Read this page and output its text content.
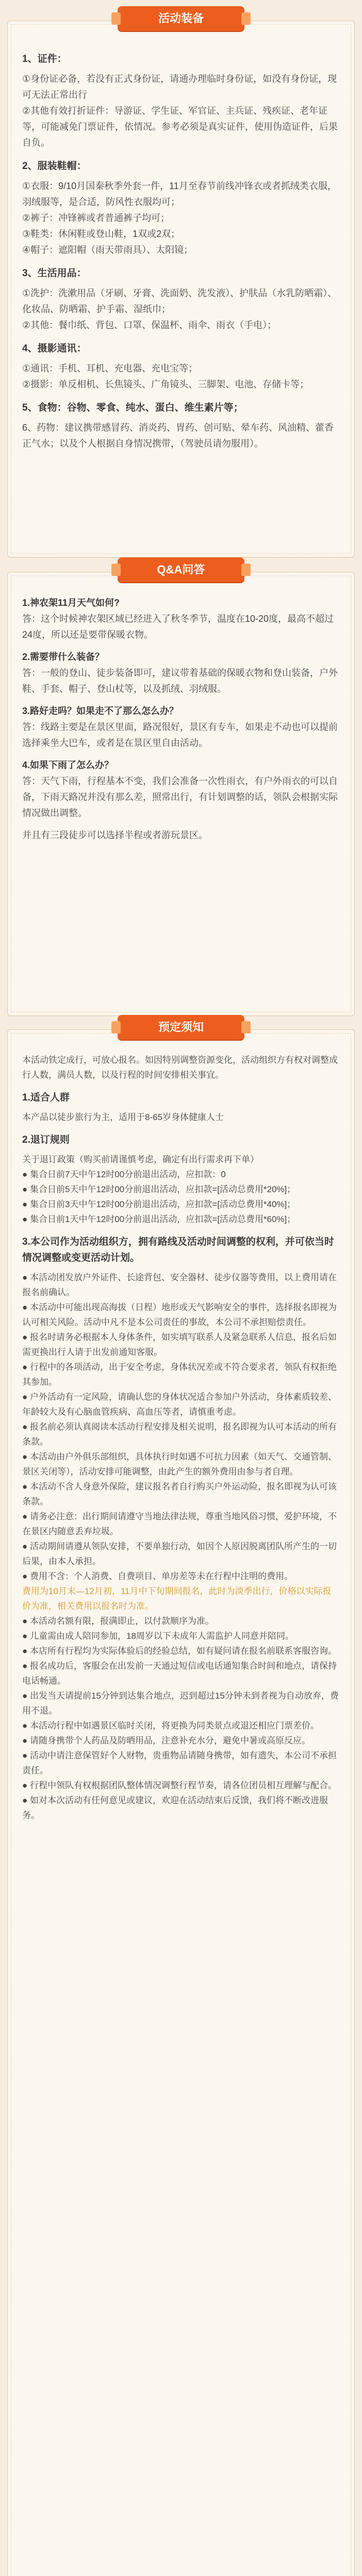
活动装备
1、证件：
①身份证必备，若没有正式身份证，请通办理临时身份证，如没有身份证，现可无法正常出行
②其他有效打折证件：导游证、学生证、军官证、主兵证、残疾证、老年证等，可能减免门票证件，依情况。参考必须是真实证件，使用伪造证件，后果自负。
2、服装鞋帽：
①衣服：9/10月国秦秋季外套一件，11月至春节前线冲锋衣或者抓绒类衣服，羽绒服等，是合适，防风性衣服均可；
②裤子：冲锋裤或者普通裤子均可；
③鞋类：休闲鞋或登山鞋，1双或2双；
④帽子：遮阳帽（雨天带雨具）、太阳镜；
3、生活用品：
①洗护：洗漱用品（牙刷、牙膏、洗面奶、洗发液）、护肤品（水乳防晒霜）、化妆品、防晒霜、护手霜、湿纸巾；
②其他：餐巾纸、背包、口罩、保温杯、雨伞、雨衣（手电）；
4、摄影通讯：
①通讯：手机、耳机、充电器、充电宝等；
②摄影：单反相机、长焦镜头、广角镜头、三脚架、电池、存储卡等；
5、食物：谷物、零食、纯水、蛋白、维生素片等；
6、药物：建议携带感冒药、消炎药、胃药、创可贴、晕车药、风油精、藿香正气水；以及个人根据自身情况携带，（驾驶员请勿服用）。
Q&A问答
1.神农架11月天气如何?
答：这个时候神农架区域已经进入了秋冬季节，温度在10-20度，最高不超过24度，所以还是要带保暖衣物。
2.需要带什么装备？
答：一般的登山、徒步装备即可，建议带着基础的保暖衣物和登山装备，户外鞋、手套、帽子、登山杖等，以及抓绒、羽绒服。
3.路好走吗？如果走不了那么怎么办？
答：线路主要是在景区里面，路况很好，景区有专车，如果走不动也可以提前选择乘坐大巴车，或者是在景区里自由活动。
4.如果下雨了怎么办？
答：天气下雨，行程基本不变，我们会准备一次性雨衣，有户外雨衣的可以自备，下雨天路况并没有那么差，照常出行，有计划调整的话，领队会根据实际情况做出调整。
并且有三段徒步可以选择半程或者游玩景区。
预定须知
本活动铁定成行，可放心报名。如因特别调整资源变化，活动组织方有权对调整成行人数，满员人数，以及行程的时间安排相关事宜。
1.适合人群
本产品以徒步旅行为主，适用于8-65岁身体健康人士
2.退订规则
关于退订政策（购买前请谨慎考虑，确定有出行需求再下单）
● 集合日前7天中午12时00分前退出活动，应扣款：0
● 集合日前5天中午12时00分前退出活动，应扣款=[活动总费用*20%]；
● 集合日前3天中午12时00分前退出活动，应扣款=[活动总费用*40%]；
● 集合日前1天中午12时00分前退出活动，应扣款=[活动总费用*60%]；
3.本公司作为活动组织方，拥有路线及活动时间调整的权利，并可依当时情况调整或变更活动计划。
● 本活动团发放户外证件、长途背包、安全器材、徒步仪器等费用，以上费用请在报名前确认。
● 本活动中可能出现高海拔（日程）地形或天气影响安全的事件，选择报名即视为认可相关风险。活动中凡不是本公司责任的事故，本公司不承担赔偿责任。
● 报名时请务必根据本人身体条件，如实填写联系人及紧急联系人信息，报名后如需更换出行人请于出发前通知客服。
● 行程中的各项活动，出于安全考虑，身体状况差或不符合要求者，领队有权拒绝其参加。
● 户外活动有一定风险，请确认您的身体状况适合参加户外活动，身体素质较差、年龄较大及有心脑血管疾病、高血压等者，请慎重考虑。
● 报名前必须认真阅读本活动行程安排及相关说明，报名即视为认可本活动的所有条款。
● 本活动由户外俱乐部组织，具体执行时如遇不可抗力因素（如天气、交通管制、景区关闭等），活动安排可能调整，由此产生的额外费用由参与者自理。
● 本活动不含人身意外保险，建议报名者自行购买户外运动险，报名即视为认可该条款。
● 请务必注意：出行期间请遵守当地法律法规，尊重当地风俗习惯，爱护环境，不在景区内随意丢弃垃圾。
● 活动期间请遵从领队安排，不要单独行动，如因个人原因脱离团队所产生的一切后果，由本人承担。
● 费用不含：个人消费、自费项目、单房差等未在行程中注明的费用。
费用为10月末—12月初，11月中下旬期间报名，此时为淡季出行，价格以实际报价为准，相关费用以报名时为准。
● 本活动名额有限，报满即止，以付款顺序为准。
● 儿童需由成人陪同参加，18周岁以下未成年人需监护人同意并陪同。
● 本店所有行程均为实际体验后的经验总结，如有疑问请在报名前联系客服咨询。
● 报名成功后，客服会在出发前一天通过短信或电话通知集合时间和地点，请保持电话畅通。
● 出发当天请提前15分钟到达集合地点，迟到超过15分钟未到者视为自动放弃，费用不退。
● 本活动行程中如遇景区临时关闭，将更换为同类景点或退还相应门票差价。
● 请随身携带个人药品及防晒用品，注意补充水分，避免中暑或高原反应。
● 活动中请注意保管好个人财物，贵重物品请随身携带，如有遗失，本公司不承担责任。
● 行程中领队有权根据团队整体情况调整行程节奏，请各位团员相互理解与配合。
● 如对本次活动有任何意见或建议，欢迎在活动结束后反馈，我们将不断改进服务。
